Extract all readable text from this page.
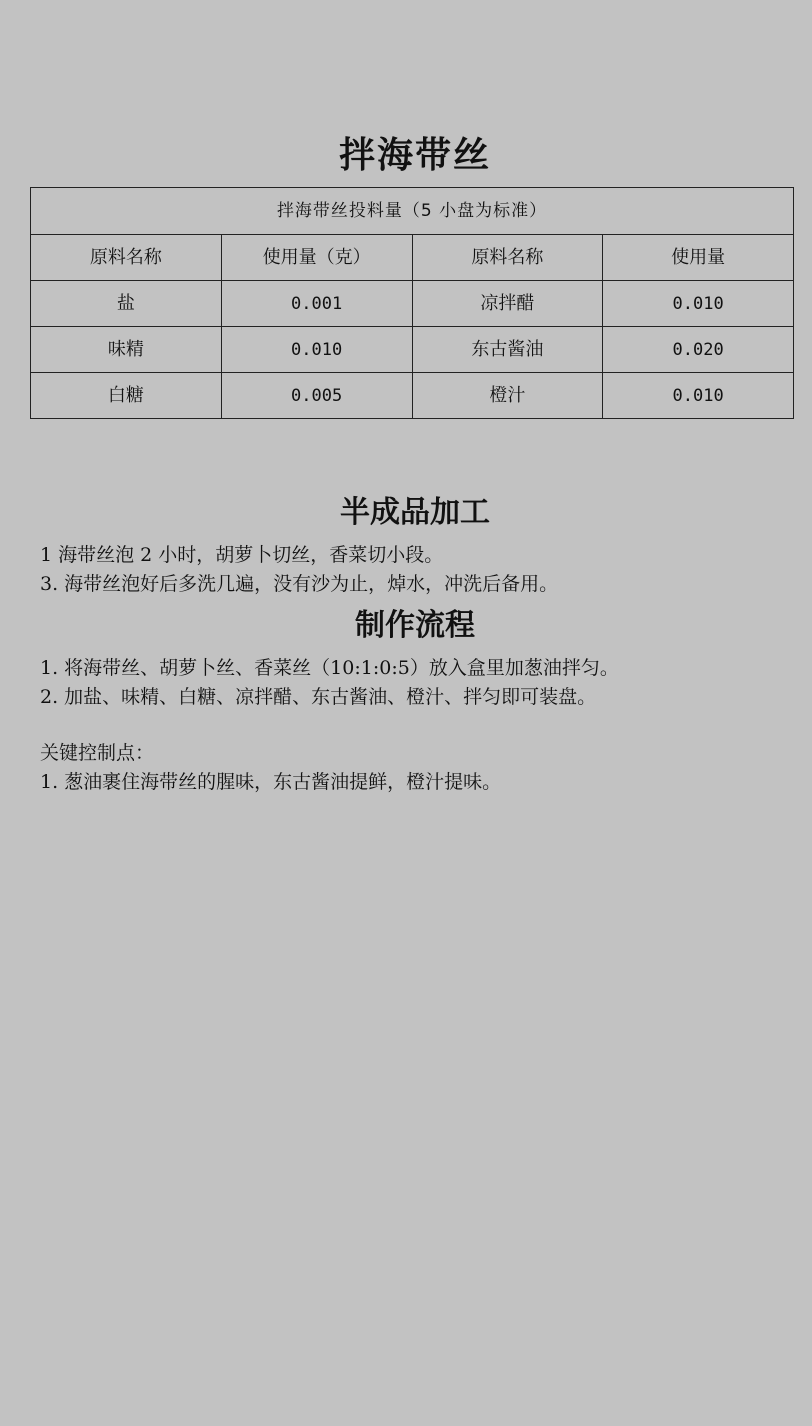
拌海带丝
拌海带丝投料量（5 小盘为标准）			
原料名称	使用量（克）	原料名称	使用量
盐	0.001	凉拌醋	0.010
味精	0.010	东古酱油	0.020
白糖	0.005	橙汁	0.010
半成品加工
1 海带丝泡 2 小时，胡萝卜切丝，香菜切小段。
3. 海带丝泡好后多洗几遍，没有沙为止，焯水，冲洗后备用。
制作流程
1. 将海带丝、胡萝卜丝、香菜丝（10:1:0:5）放入盒里加葱油拌匀。
2. 加盐、味精、白糖、凉拌醋、东古酱油、橙汁、拌匀即可装盘。
关键控制点：
1. 葱油裹住海带丝的腥味，东古酱油提鲜，橙汁提味。
